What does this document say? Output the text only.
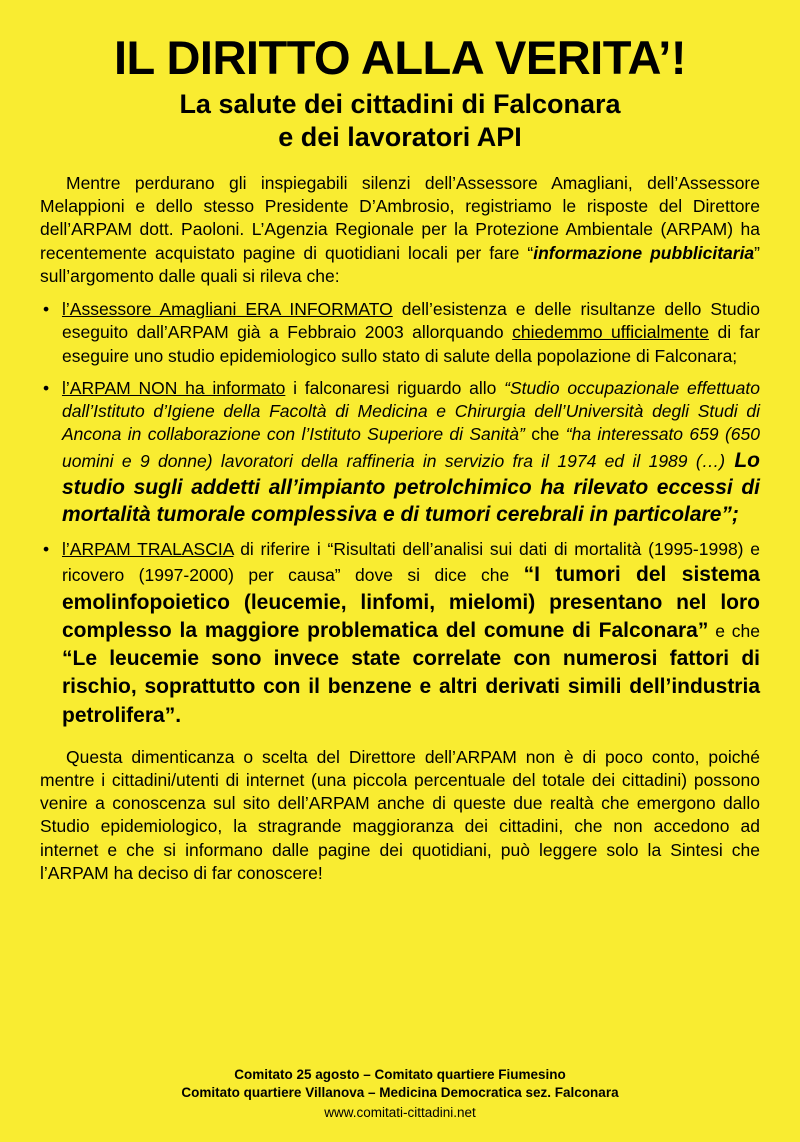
IL DIRITTO ALLA VERITA’!
La salute dei cittadini di Falconara
e dei lavoratori API

Mentre perdurano gli inspiegabili silenzi dell’Assessore Amagliani, dell’Assessore Melappioni e dello stesso Presidente D’Ambrosio, registriamo le risposte del Direttore dell’ARPAM dott. Paoloni. L’Agenzia Regionale per la Protezione Ambientale (ARPAM) ha recentemente acquistato pagine di quotidiani locali per fare “informazione pubblicitaria” sull’argomento dalle quali si rileva che:

• l’Assessore Amagliani ERA INFORMATO dell’esistenza e delle risultanze dello Studio eseguito dall’ARPAM già a Febbraio 2003 allorquando chiedemmo ufficialmente di far eseguire uno studio epidemiologico sullo stato di salute della popolazione di Falconara;
• l’ARPAM NON ha informato i falconaresi riguardo allo “Studio occupazionale effettuato dall’Istituto d’Igiene della Facoltà di Medicina e Chirurgia dell’Università degli Studi di Ancona in collaborazione con l’Istituto Superiore di Sanità” che “ha interessato 659 (650 uomini e 9 donne) lavoratori della raffineria in servizio fra il 1974 ed il 1989 (…) Lo studio sugli addetti all’impianto petrolchimico ha rilevato eccessi di mortalità tumorale complessiva e di tumori cerebrali in particolare”;
• l’ARPAM TRALASCIA di riferire i “Risultati dell’analisi sui dati di mortalità (1995-1998) e ricovero (1997-2000) per causa” dove si dice che “I tumori del sistema emolinfopoietico (leucemie, linfomi, mielomi) presentano nel loro complesso la maggiore problematica del comune di Falconara” e che “Le leucemie sono invece state correlate con numerosi fattori di rischio, soprattutto con il benzene e altri derivati simili dell’industria petrolifera”.

Questa dimenticanza o scelta del Direttore dell’ARPAM non è di poco conto, poiché mentre i cittadini/utenti di internet (una piccola percentuale del totale dei cittadini) possono venire a conoscenza sul sito dell’ARPAM anche di queste due realtà che emergono dallo Studio epidemiologico, la stragrande maggioranza dei cittadini, che non accedono ad internet e che si informano dalle pagine dei quotidiani, può leggere solo la Sintesi che l’ARPAM ha deciso di far conoscere!

Comitato 25 agosto – Comitato quartiere Fiumesino
Comitato quartiere Villanova – Medicina Democratica sez. Falconara
www.comitati-cittadini.net
